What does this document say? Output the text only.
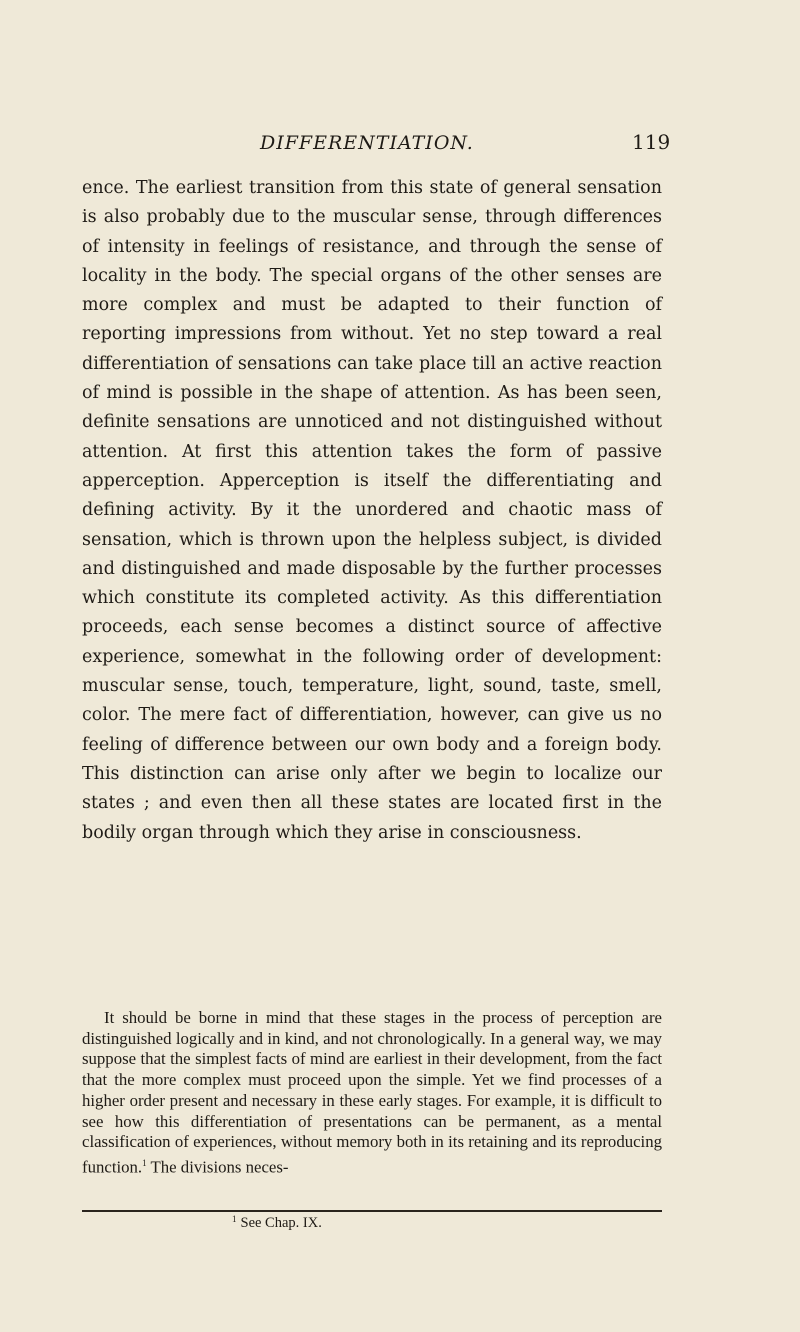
DIFFERENTIATION.	119

ence. The earliest transition from this state of general sensation is also probably due to the muscular sense, through differences of intensity in feelings of resistance, and through the sense of locality in the body. The special organs of the other senses are more complex and must be adapted to their function of reporting impressions from without. Yet no step toward a real differentiation of sensations can take place till an active reaction of mind is possible in the shape of attention. As has been seen, definite sensations are unnoticed and not distinguished without attention. At first this attention takes the form of passive apperception. Apperception is itself the differentiating and defining activity. By it the unordered and chaotic mass of sensation, which is thrown upon the helpless subject, is divided and distinguished and made disposable by the further processes which constitute its completed activity. As this differentiation proceeds, each sense becomes a distinct source of affective experience, somewhat in the following order of development: muscular sense, touch, temperature, light, sound, taste, smell, color. The mere fact of differentiation, however, can give us no feeling of difference between our own body and a foreign body. This distinction can arise only after we begin to localize our states ; and even then all these states are located first in the bodily organ through which they arise in consciousness.

It should be borne in mind that these stages in the process of perception are distinguished logically and in kind, and not chronologically. In a general way, we may suppose that the simplest facts of mind are earliest in their development, from the fact that the more complex must proceed upon the simple. Yet we find processes of a higher order present and necessary in these early stages. For example, it is difficult to see how this differentiation of presentations can be permanent, as a mental classification of experiences, without memory both in its retaining and its reproducing function.$^1$ The divisions neces-

$^1$ See Chap. IX.
